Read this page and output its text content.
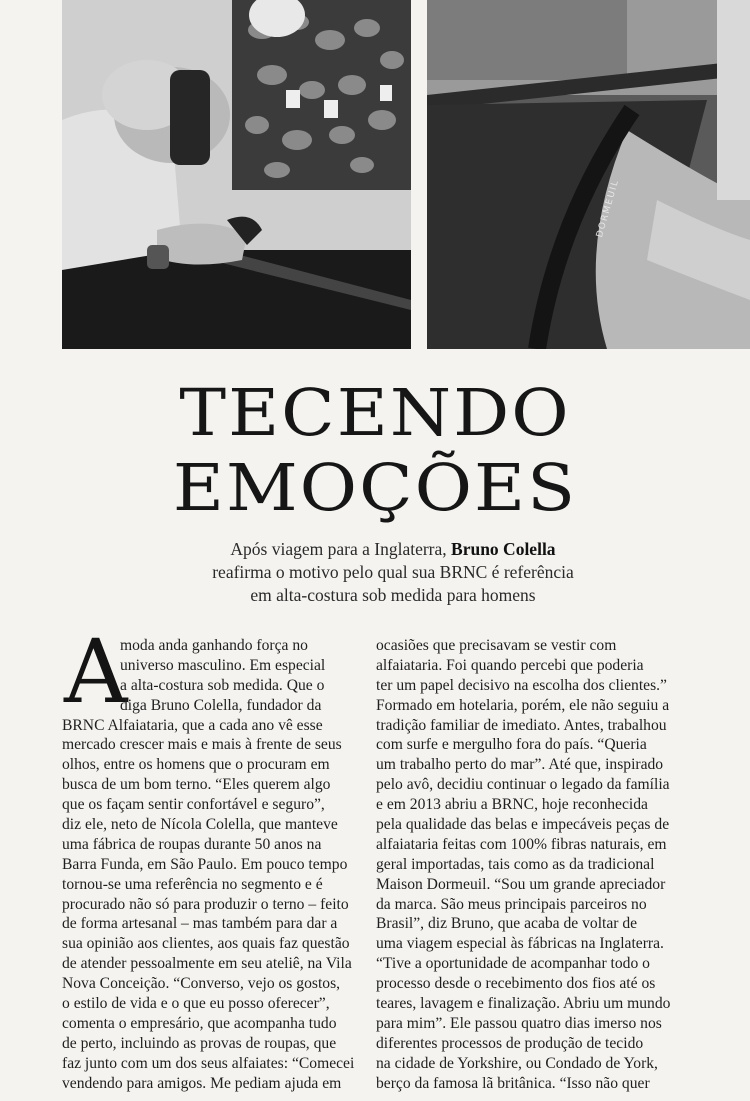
DORMEUIL
TECENDO
EMOÇÕES
Após viagem para a Inglaterra, Bruno Colella
reafirma o motivo pelo qual sua BRNC é referência
em alta-costura sob medida para homens
A
moda anda ganhando força no
universo masculino. Em especial
a alta-costura sob medida. Que o
diga Bruno Colella, fundador da
BRNC Alfaiataria, que a cada ano vê esse
mercado crescer mais e mais à frente de seus
olhos, entre os homens que o procuram em
busca de um bom terno. “Eles querem algo
que os façam sentir confortável e seguro”,
diz ele, neto de Nícola Colella, que manteve
uma fábrica de roupas durante 50 anos na
Barra Funda, em São Paulo. Em pouco tempo
tornou-se uma referência no segmento e é
procurado não só para produzir o terno – feito
de forma artesanal – mas também para dar a
sua opinião aos clientes, aos quais faz questão
de atender pessoalmente em seu ateliê, na Vila
Nova Conceição. “Converso, vejo os gostos,
o estilo de vida e o que eu posso oferecer”,
comenta o empresário, que acompanha tudo
de perto, incluindo as provas de roupas, que
faz junto com um dos seus alfaiates: “Comecei
vendendo para amigos. Me pediam ajuda em
ocasiões que precisavam se vestir com
alfaiataria. Foi quando percebi que poderia
ter um papel decisivo na escolha dos clientes.”
Formado em hotelaria, porém, ele não seguiu a
tradição familiar de imediato. Antes, trabalhou
com surfe e mergulho fora do país. “Queria
um trabalho perto do mar”. Até que, inspirado
pelo avô, decidiu continuar o legado da família
e em 2013 abriu a BRNC, hoje reconhecida
pela qualidade das belas e impecáveis peças de
alfaiataria feitas com 100% fibras naturais, em
geral importadas, tais como as da tradicional
Maison Dormeuil. “Sou um grande apreciador
da marca. São meus principais parceiros no
Brasil”, diz Bruno, que acaba de voltar de
uma viagem especial às fábricas na Inglaterra.
“Tive a oportunidade de acompanhar todo o
processo desde o recebimento dos fios até os
teares, lavagem e finalização. Abriu um mundo
para mim”. Ele passou quatro dias imerso nos
diferentes processos de produção de tecido
na cidade de Yorkshire, ou Condado de York,
berço da famosa lã britânica. “Isso não quer
